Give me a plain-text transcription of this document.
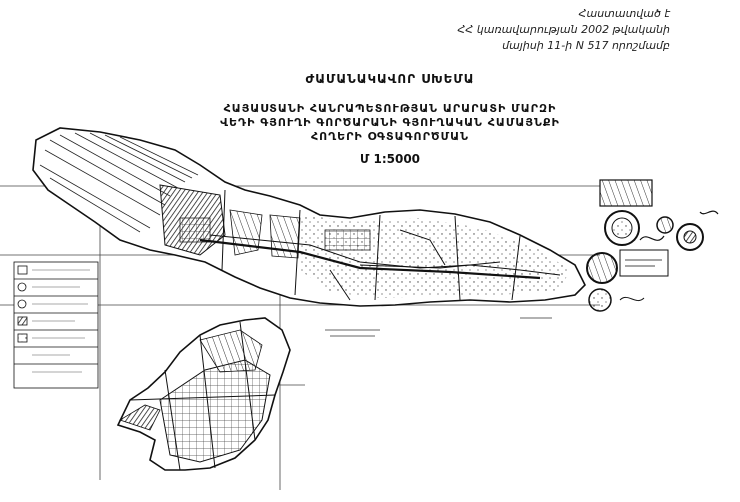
Հաստատված է
ՀՀ կառավարության 2002 թվականի
մայիսի 11-ի N 517 որոշմամբ
ԺԱՄԱՆԱԿԱՎՈՐ ՍԽԵՄԱ
ՀԱՅԱՍՏԱՆԻ ՀԱՆՐԱՊԵՏՈՒԹՅԱՆ ԱՐԱՐԱՏԻ ՄԱՐԶԻ
ՎԵԴԻ ԳՅՈՒՂԻ ԳՈՐԾԱՐԱՆԻ ԳՅՈՒՂԱԿԱՆ ՀԱՄԱՅՆՔԻ
ՀՈՂԵՐԻ ՕԳՏԱԳՈՐԾՄԱՆ
Մ 1:5000
